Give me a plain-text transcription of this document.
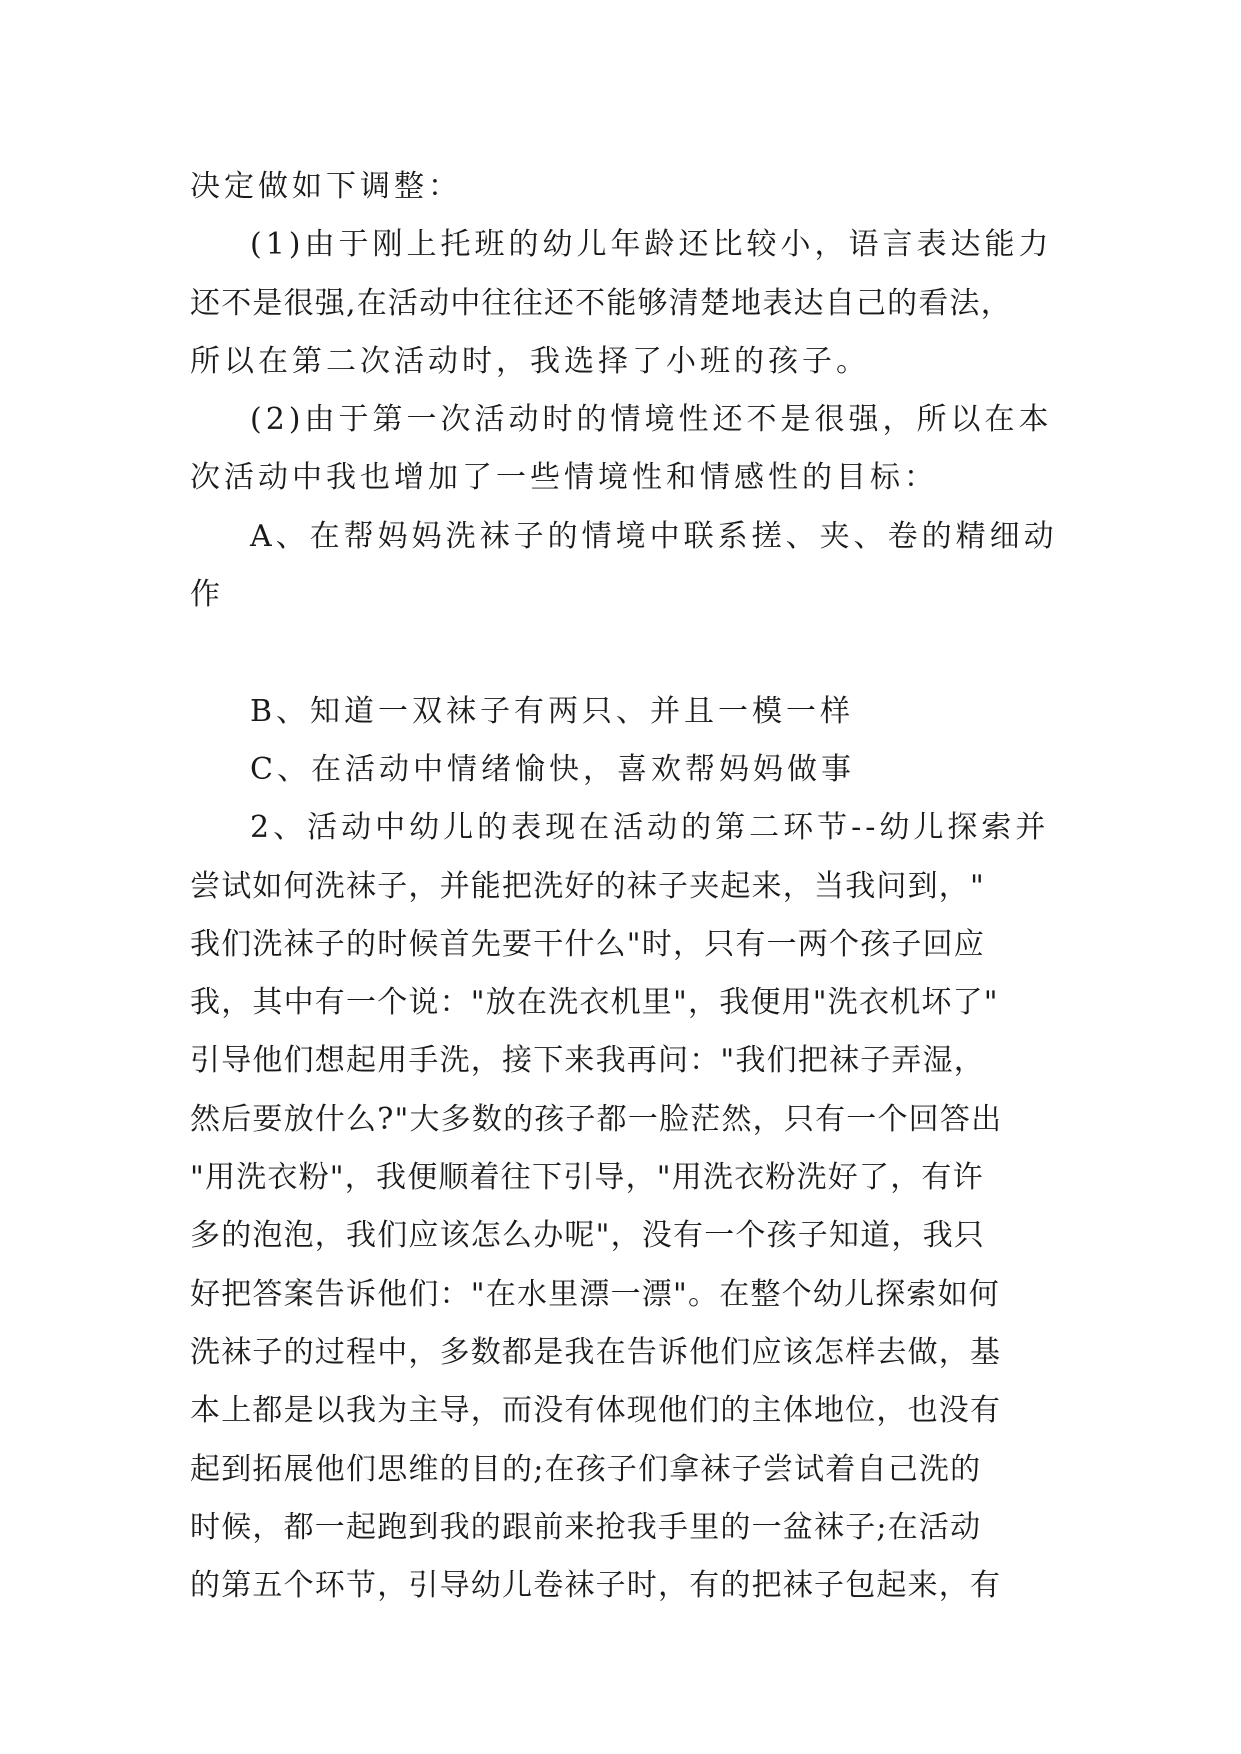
决定做如下调整：
(1)由于刚上托班的幼儿年龄还比较小，语言表达能力
还不是很强,在活动中往往还不能够清楚地表达自己的看法，
所以在第二次活动时，我选择了小班的孩子。
(2)由于第一次活动时的情境性还不是很强，所以在本
次活动中我也增加了一些情境性和情感性的目标：
A、在帮妈妈洗袜子的情境中联系搓、夹、卷的精细动
作
B、知道一双袜子有两只、并且一模一样
C、在活动中情绪愉快，喜欢帮妈妈做事
2、活动中幼儿的表现在活动的第二环节--幼儿探索并
尝试如何洗袜子，并能把洗好的袜子夹起来，当我问到，"
我们洗袜子的时候首先要干什么"时，只有一两个孩子回应
我，其中有一个说："放在洗衣机里"，我便用"洗衣机坏了"
引导他们想起用手洗，接下来我再问："我们把袜子弄湿，
然后要放什么?"大多数的孩子都一脸茫然，只有一个回答出
"用洗衣粉"，我便顺着往下引导，"用洗衣粉洗好了，有许
多的泡泡，我们应该怎么办呢"，没有一个孩子知道，我只
好把答案告诉他们："在水里漂一漂"。在整个幼儿探索如何
洗袜子的过程中，多数都是我在告诉他们应该怎样去做，基
本上都是以我为主导，而没有体现他们的主体地位，也没有
起到拓展他们思维的目的;在孩子们拿袜子尝试着自己洗的
时候，都一起跑到我的跟前来抢我手里的一盆袜子;在活动
的第五个环节，引导幼儿卷袜子时，有的把袜子包起来，有
